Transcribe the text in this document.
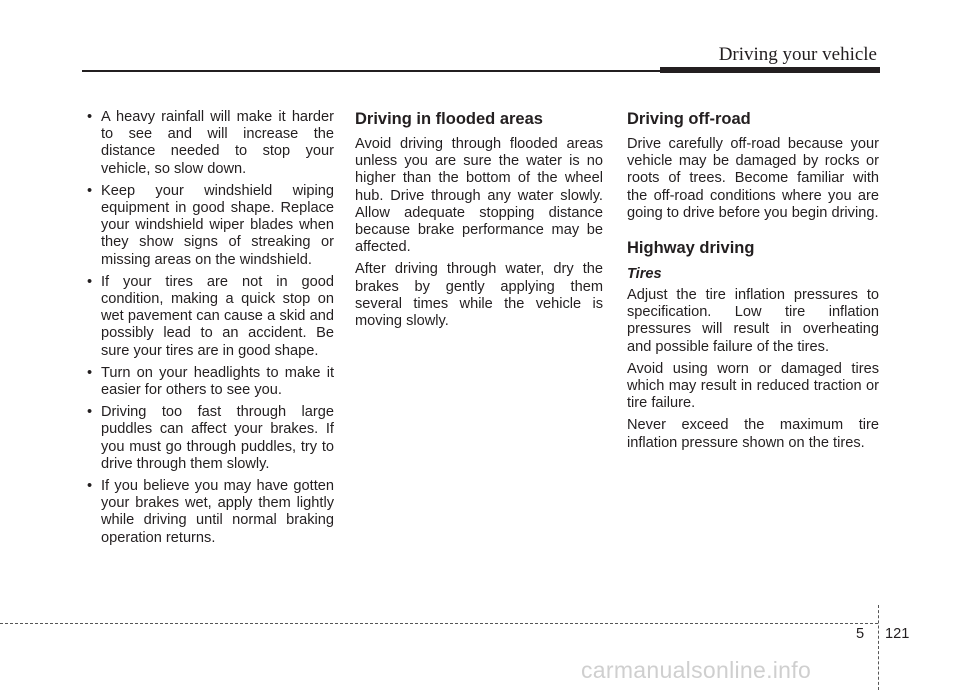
Driving your vehicle
• A heavy rainfall will make it harder to see and will increase the distance needed to stop your vehicle, so slow down.
• Keep your windshield wiping equipment in good shape. Replace your windshield wiper blades when they show signs of streaking or missing areas on the windshield.
• If your tires are not in good condition, making a quick stop on wet pavement can cause a skid and possibly lead to an accident. Be sure your tires are in good shape.
• Turn on your headlights to make it easier for others to see you.
• Driving too fast through large puddles can affect your brakes. If you must go through puddles, try to drive through them slowly.
• If you believe you may have gotten your brakes wet, apply them lightly while driving until normal braking operation returns.
Driving in flooded areas

Avoid driving through flooded areas unless you are sure the water is no higher than the bottom of the wheel hub. Drive through any water slowly. Allow adequate stopping distance because brake performance may be affected.

After driving through water, dry the brakes by gently applying them several times while the vehicle is moving slowly.

Driving off-road

Drive carefully off-road because your vehicle may be damaged by rocks or roots of trees. Become familiar with the off-road conditions where you are going to drive before you begin driving.

Highway driving
Tires

Adjust the tire inflation pressures to specification. Low tire inflation pressures will result in overheating and possible failure of the tires.

Avoid using worn or damaged tires which may result in reduced traction or tire failure.

Never exceed the maximum tire inflation pressure shown on the tires.

5 121
carmanualsonline.info
